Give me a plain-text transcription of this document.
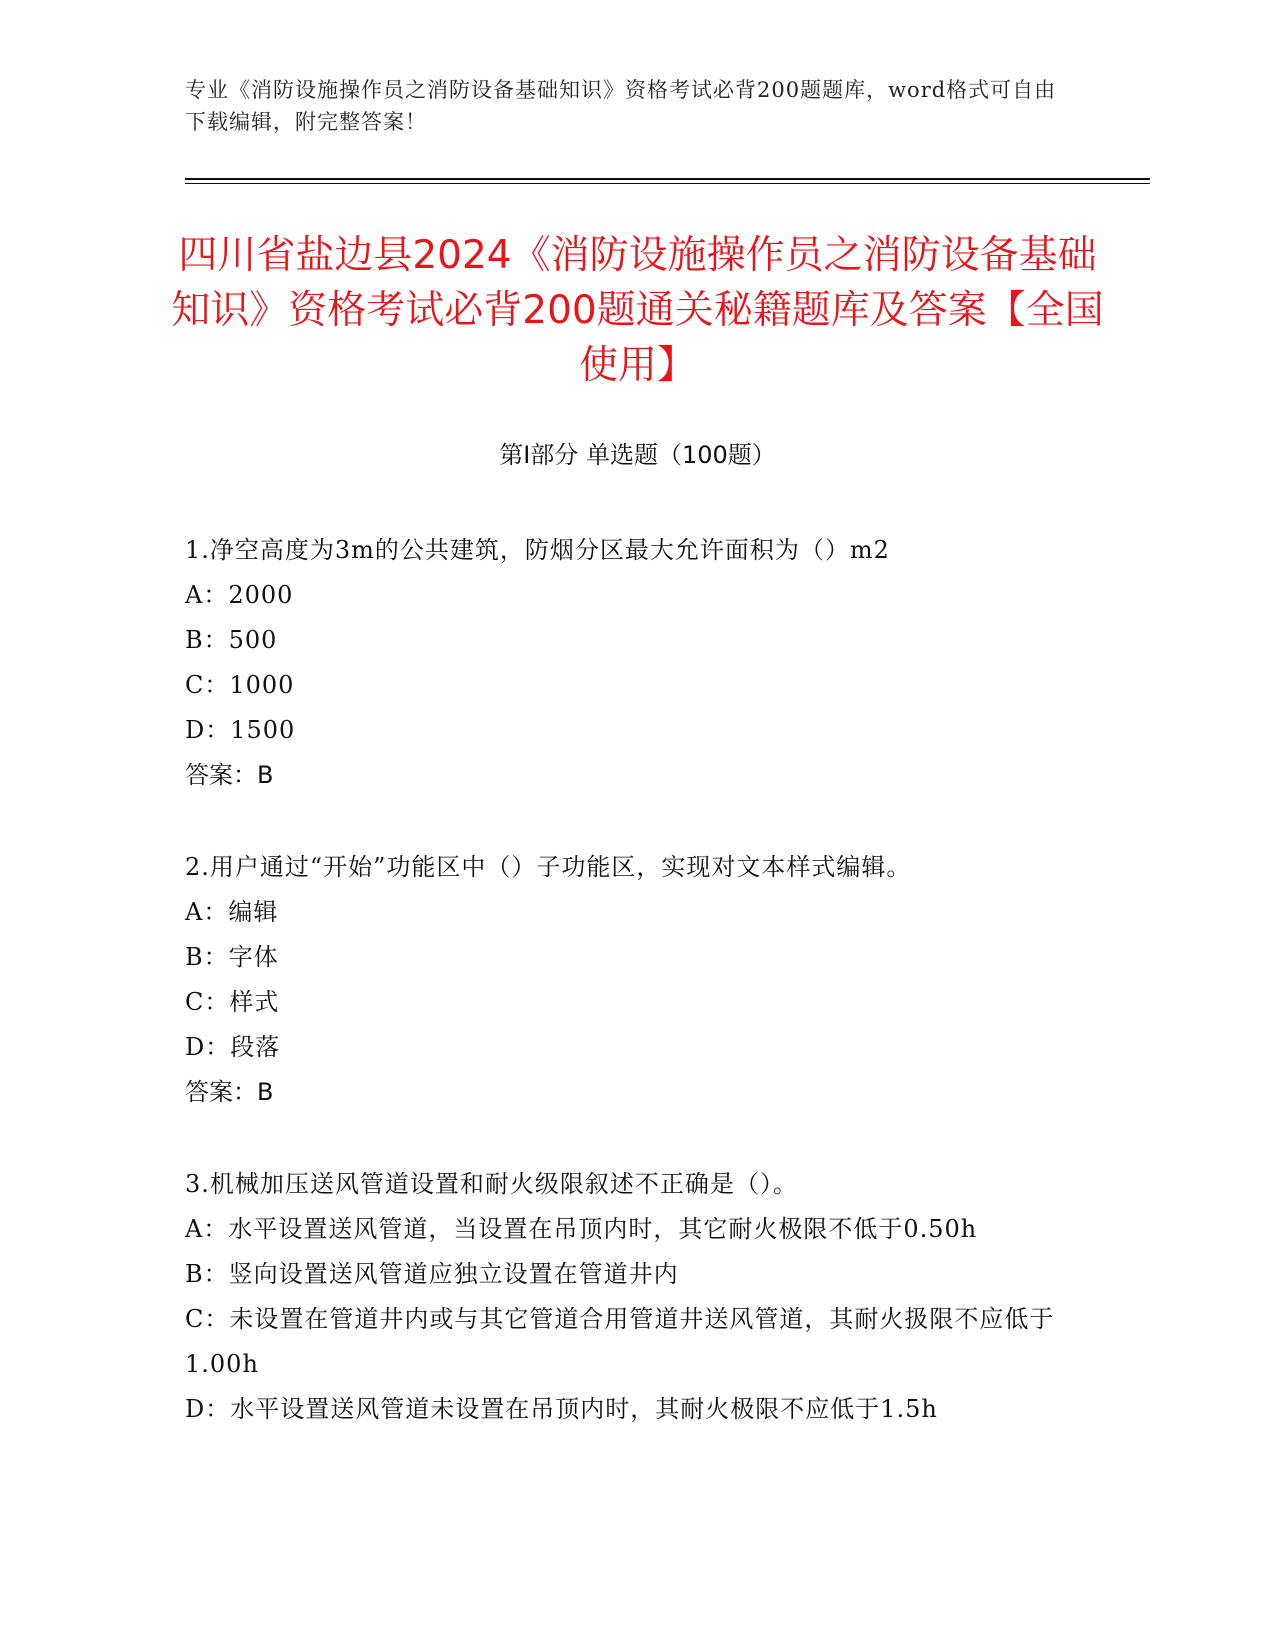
专业《消防设施操作员之消防设备基础知识》资格考试必背200题题库，word格式可自由下载编辑，附完整答案！
四川省盐边县2024《消防设施操作员之消防设备基础知识》资格考试必背200题通关秘籍题库及答案【全国使用】
第Ⅰ部分 单选题（100题）

1.净空高度为3m的公共建筑，防烟分区最大允许面积为（）m2

A：2000

B：500

C：1000

D：1500

答案：B

2.用户通过“开始”功能区中（）子功能区，实现对文本样式编辑。

A：编辑

B：字体

C：样式

D：段落

答案：B

3.机械加压送风管道设置和耐火级限叙述不正确是（）。

A：水平设置送风管道，当设置在吊顶内时，其它耐火极限不低于0.50h

B：竖向设置送风管道应独立设置在管道井内

C：未设置在管道井内或与其它管道合用管道井送风管道，其耐火扱限不应低于1.00h

D：水平设置送风管道未设置在吊顶内时，其耐火极限不应低于1.5h
